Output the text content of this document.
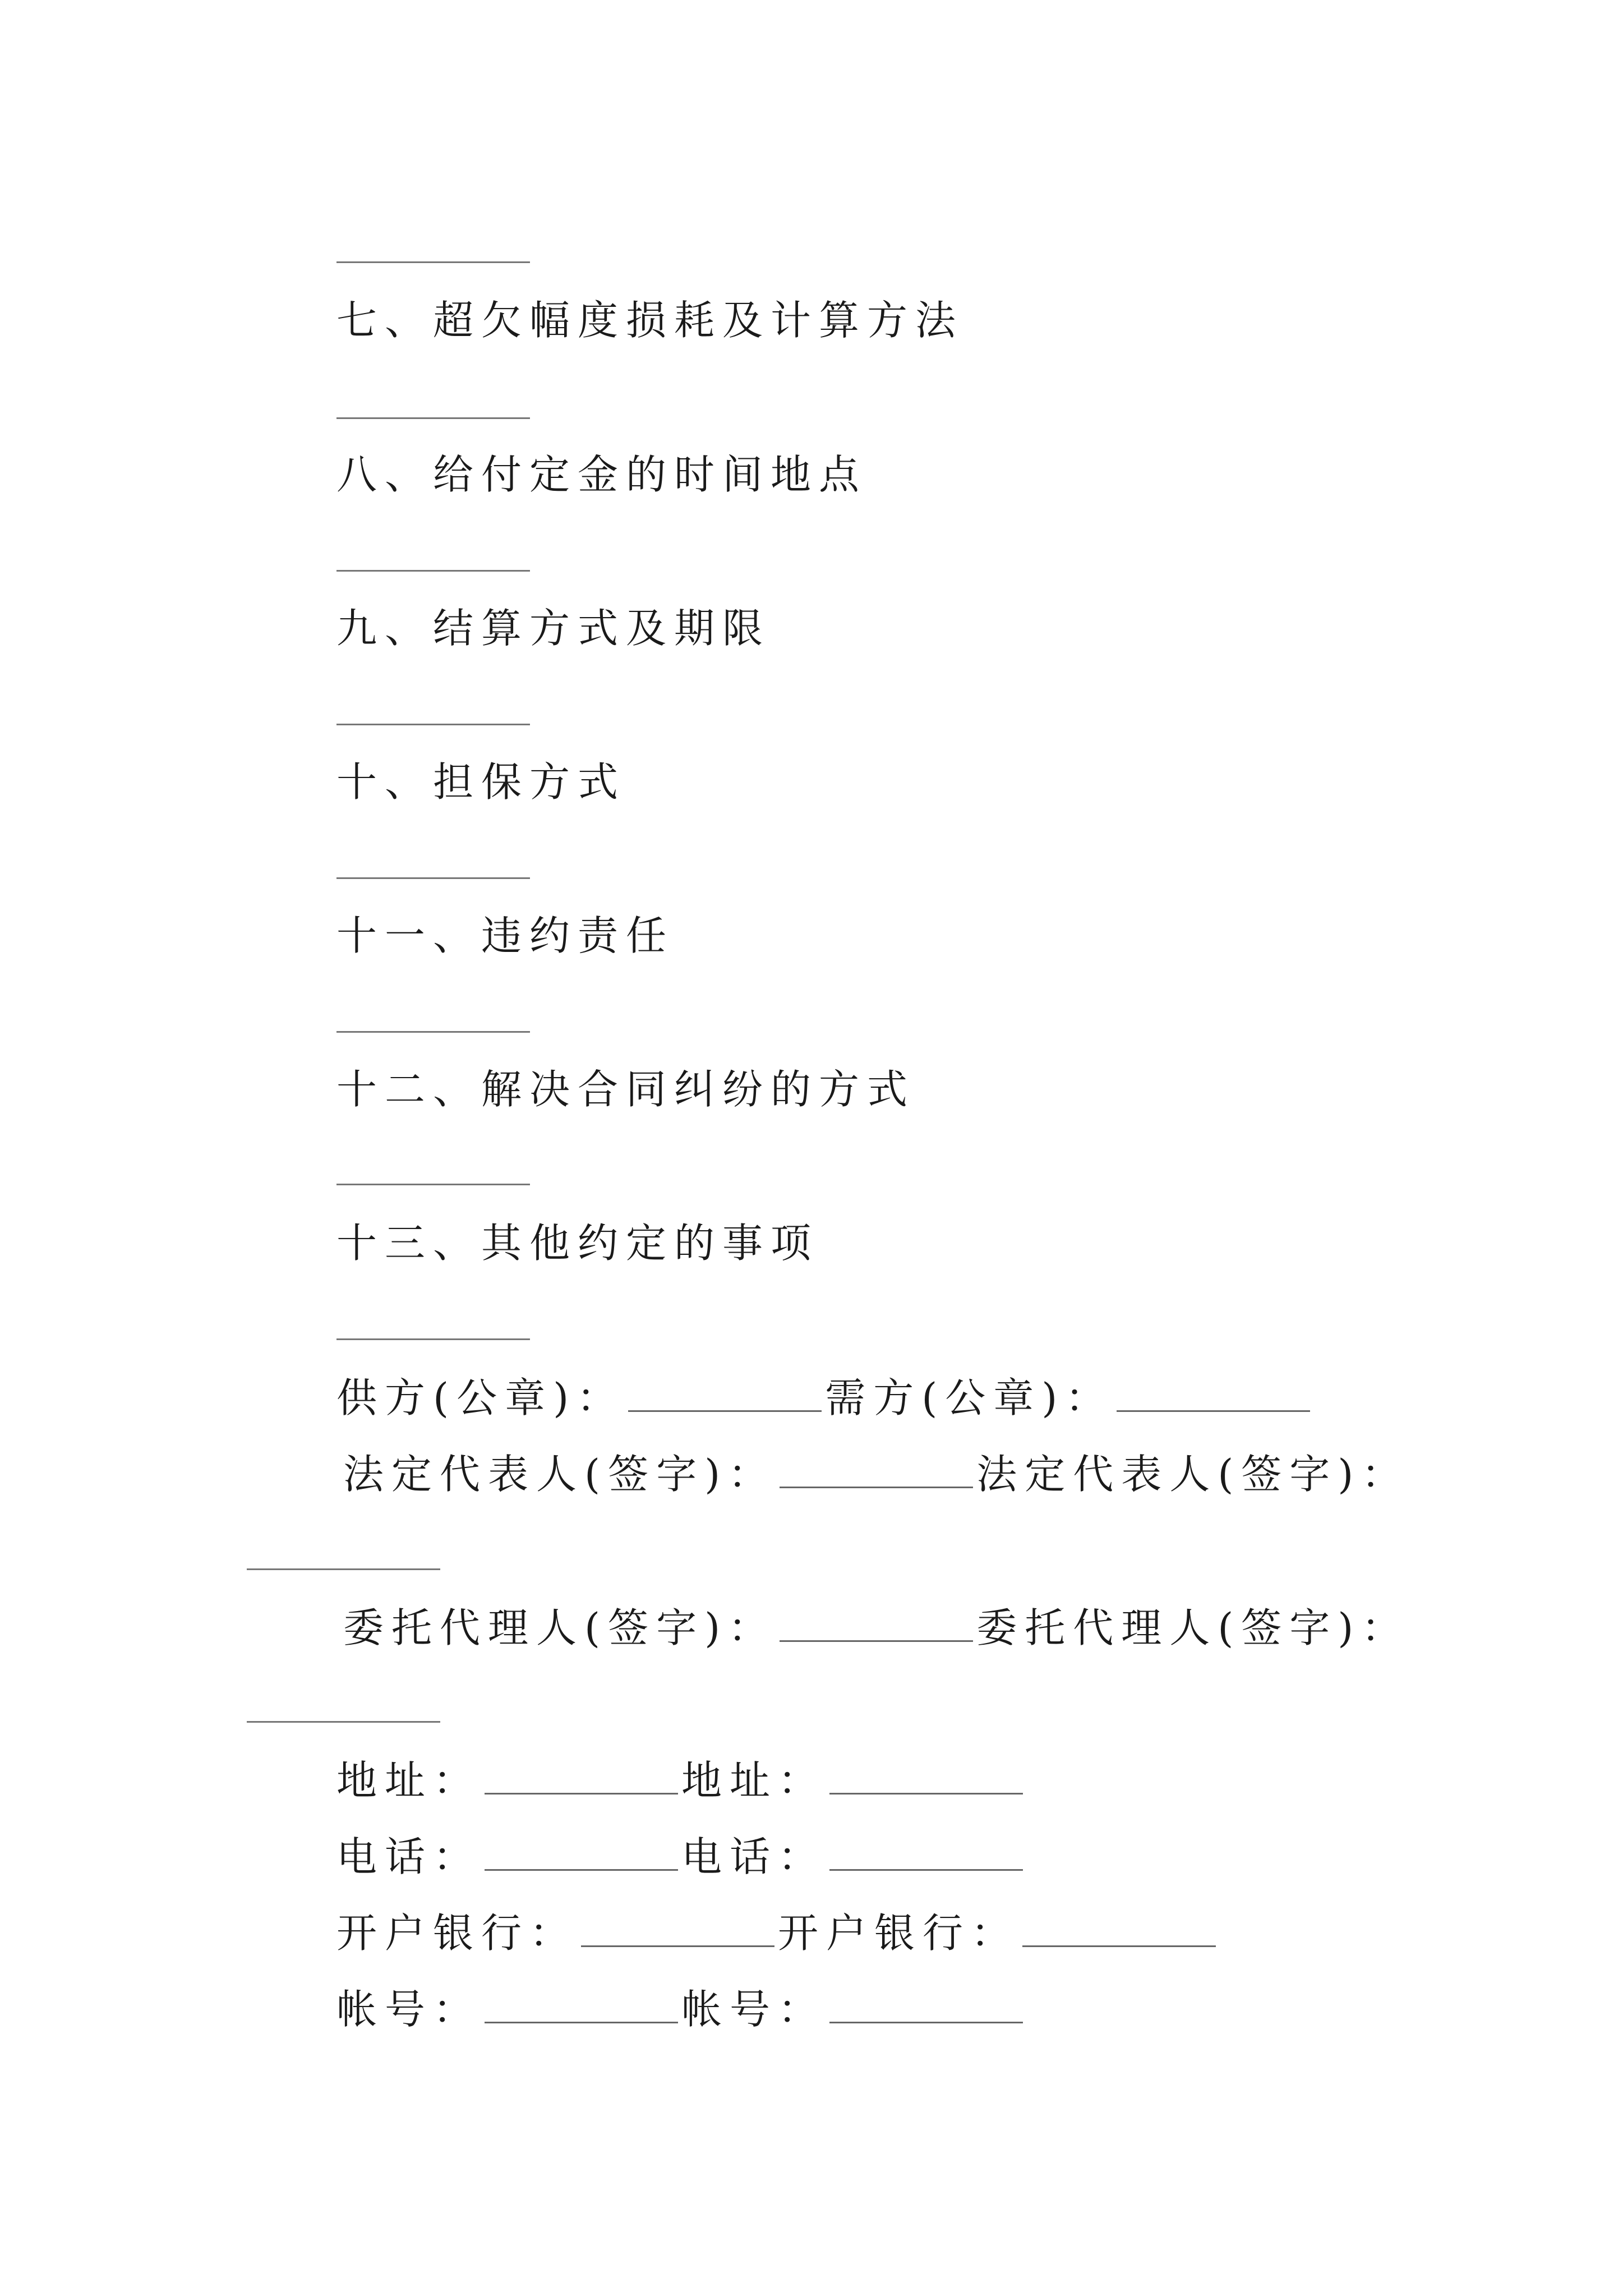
七、超欠幅度损耗及计算方法
八、给付定金的时间地点
九、结算方式及期限
十、担保方式
十一、违约责任
十二、解决合同纠纷的方式
十三、其他约定的事项
供方(公章)：	需方(公章)：
法定代表人(签字)：	法定代表人(签字)：
委托代理人(签字)：	委托代理人(签字)：
地址：	地址：
电话：	电话：
开户银行：	开户银行：
帐号：	帐号：
